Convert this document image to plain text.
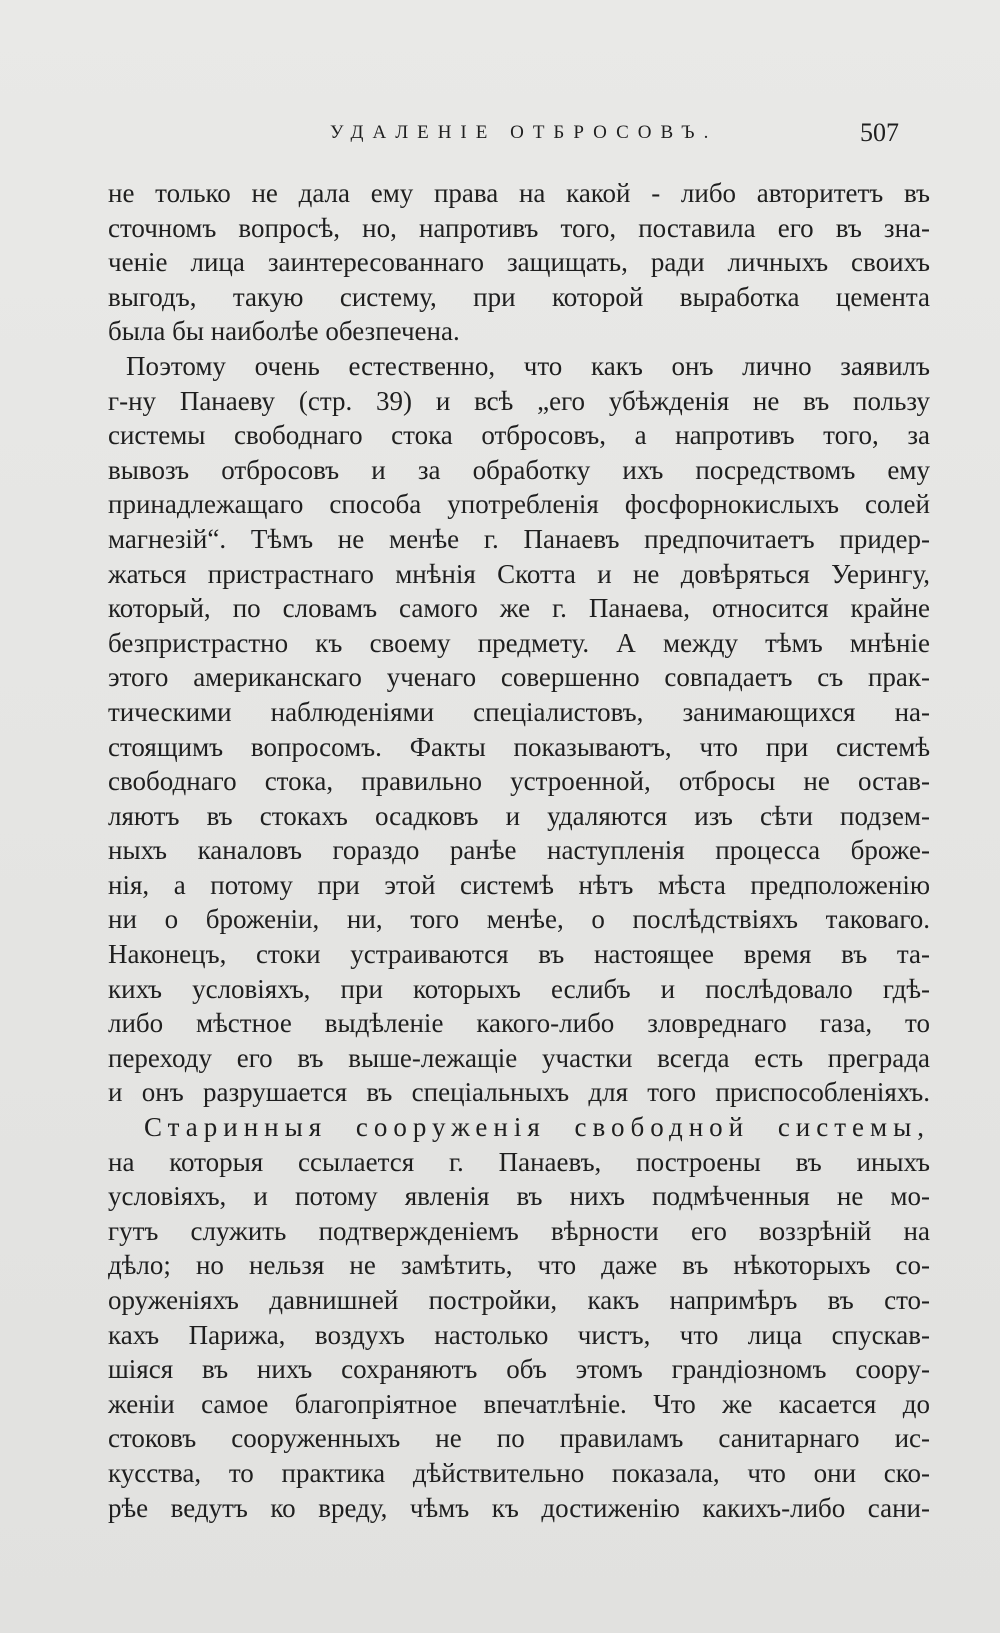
УДАЛЕНІЕ ОТБРОСОВЪ.	507
не только не дала ему права на какой - либо авторитетъ въ
сточномъ вопросѣ, но, напротивъ того, поставила его въ зна-
ченіе лица заинтересованнаго защищать, ради личныхъ своихъ
выгодъ, такую систему, при которой выработка цемента
была бы наиболѣе обезпечена.
Поэтому очень естественно, что какъ онъ лично заявилъ
г-ну Панаеву (стр. 39) и всѣ „его убѣжденія не въ пользу
системы свободнаго стока отбросовъ, а напротивъ того, за
вывозъ отбросовъ и за обработку ихъ посредствомъ ему
принадлежащаго способа употребленія фосфорнокислыхъ солей
магнезій“. Тѣмъ не менѣе г. Панаевъ предпочитаетъ придер-
жаться пристрастнаго мнѣнія Скотта и не довѣряться Уерингу,
который, по словамъ самого же г. Панаева, относится крайне
безпристрастно къ своему предмету. А между тѣмъ мнѣніе
этого американскаго ученаго совершенно совпадаетъ съ прак-
тическими наблюденіями спеціалистовъ, занимающихся на-
стоящимъ вопросомъ. Факты показываютъ, что при системѣ
свободнаго стока, правильно устроенной, отбросы не остав-
ляютъ въ стокахъ осадковъ и удаляются изъ сѣти подзем-
ныхъ каналовъ гораздо ранѣе наступленія процесса броже-
нія, а потому при этой системѣ нѣтъ мѣста предположенію
ни о броженіи, ни, того менѣе, о послѣдствіяхъ таковаго.
Наконецъ, стоки устраиваются въ настоящее время въ та-
кихъ условіяхъ, при которыхъ еслибъ и послѣдовало гдѣ-
либо мѣстное выдѣленіе какого-либо зловреднаго газа, то
переходу его въ выше-лежащіе участки всегда есть преграда
и онъ разрушается въ спеціальныхъ для того приспособленіяхъ.
Старинныя сооруженія свободной системы,
на которыя ссылается г. Панаевъ, построены въ иныхъ
условіяхъ, и потому явленія въ нихъ подмѣченныя не мо-
гутъ служить подтвержденіемъ вѣрности его воззрѣній на
дѣло; но нельзя не замѣтить, что даже въ нѣкоторыхъ со-
оруженіяхъ давнишней постройки, какъ напримѣръ въ сто-
кахъ Парижа, воздухъ настолько чистъ, что лица спускав-
шіяся въ нихъ сохраняютъ объ этомъ грандіозномъ соору-
женіи самое благопріятное впечатлѣніе. Что же касается до
стоковъ сооруженныхъ не по правиламъ санитарнаго ис-
кусства, то практика дѣйствительно показала, что они ско-
рѣе ведутъ ко вреду, чѣмъ къ достиженію какихъ-либо сани-
